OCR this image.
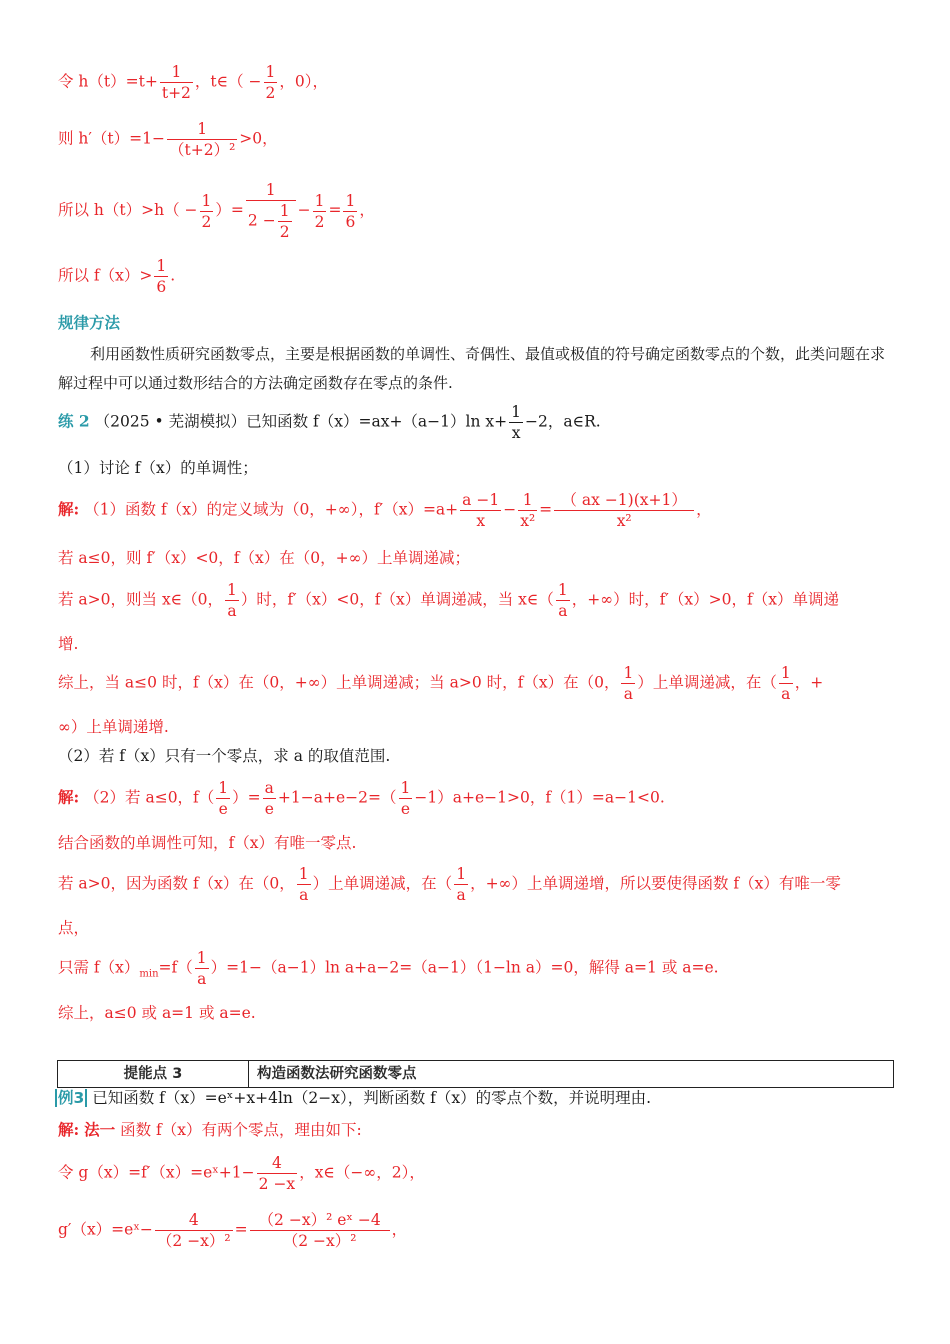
令 $h(t)=t+ \frac{1}{t+2}$ ，t∈（ − $\frac{1}{2}$ ，0），
则 $h'(t)=1- \frac{1}{\text{（t+2）²}} >0$，
所以 $h(t)>h( - \frac{1}{2}$ ）= $\frac{1}{2 - \frac{1}{2}} - \frac{1}{2} = \frac{1}{6}$ ，
所以 $f(x)> \frac{1}{6}$ .
规律方法
利用函数性质研究函数零点，主要是根据函数的单调性、奇偶性、最值或极值的符号确定函数零点的个数，此类问题在求解过程中可以通过数形结合的方法确定函数存在零点的条件.
练 2 （2025 • 芜湖模拟）已知函数 f（x）=ax+（a−1）ln $x+ \frac{1}{x} -2$，a∈R.
（1）讨论 f（x）的单调性；
解: （1）函数 f（x）的定义域为（0，+∞），$f'(x)=a+ \frac{a -1}{x} - \frac{1}{\text{x²}} = \frac{( ax -1)(x+1)}{\text{x²}}$ ，
若 a≤0，则 f′（x）<0，f（x）在（0，+∞）上单调递减；
若 a>0，则当 x∈（0， $\frac{1}{a}$ ）时，f′（x）<0，f（x）单调递减，当 x∈（ $\frac{1}{a}$ ，+∞）时，f′（x）>0，f（x）单调递
增.
综上，当 a≤0 时，f（x）在（0，+∞）上单调递减；当 a>0 时，f（x）在（0， $\frac{1}{a}$ ）上单调递减，在（ $\frac{1}{a}$ ，+
∞）上单调递增.
（2）若 f（x）只有一个零点，求 a 的取值范围.
解: （2）若 a≤0，$f( \frac{1}{e}$ ）= $\frac{a}{e} +1-a+e-2=( \frac{1}{e} -1)a+e-1>0$，f（1）=a−1<0.
结合函数的单调性可知，f（x）有唯一零点.
若 a>0，因为函数 f（x）在（0， $\frac{1}{a}$ ）上单调递减，在（ $\frac{1}{a}$ ，+∞）上单调递增，所以要使得函数 f（x）有唯一零
点，
只需 $f(x)_{min}=f( \frac{1}{a} )=1-(a-1)\ln$ a+a−2=（a−1）（1−ln a）=0，解得 a=1 或 a=e.
综上，a≤0 或 a=1 或 a=e.
提能点 3	构造函数法研究函数零点
例3 已知函数 f（x）=eˣ+x+4ln（2−x），判断函数 f（x）的零点个数，并说明理由.
解: 法一 函数 f（x）有两个零点，理由如下:
令 g（x）=f′（x）=eˣ+1− $\frac{4}{2 -x}$ ，x∈（−∞，2），
g′（x）=eˣ− $\frac{4}{\text{（2 −x）²}} = \frac{\text{（2 −x）² eˣ −4}}{\text{（2 −x）²}}$ ，
